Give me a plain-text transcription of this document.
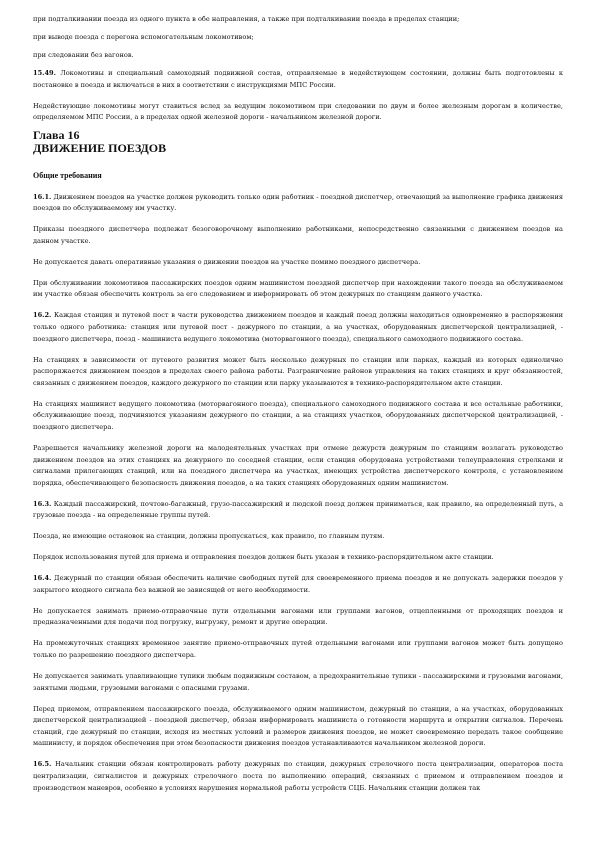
при подталкивании поезда из одного пункта в обе направления, а также при подталкивании поезда в пределах станции;

при выводе поезда с перегона вспомогательным локомотивом;

при следовании без вагонов.

15.49. Локомотивы и специальный самоходный подвижной состав, отправляемые в недействующем состоянии, должны быть подготовлены к постановке в поезда и включаться в них в соответствии с инструкциями МПС России.

Недействующие локомотивы могут ставиться вслед за ведущим локомотивом при следовании по двум и более железным дорогам в количестве, определяемом МПС России, а в пределах одной железной дороги - начальником железной дороги.

Глава 16
ДВИЖЕНИЕ ПОЕЗДОВ
Общие требования

16.1. Движением поездов на участке должен руководить только один работник - поездной диспетчер, отвечающий за выполнение графика движения поездов по обслуживаемому им участку.

Приказы поездного диспетчера подлежат безоговорочному выполнению работниками, непосредственно связанными с движением поездов на данном участке.

Не допускается давать оперативные указания о движении поездов на участке помимо поездного диспетчера.

При обслуживании локомотивов пассажирских поездов одним машинистом поездной диспетчер при нахождении такого поезда на обслуживаемом им участке обязан обеспечить контроль за его следованием и информировать об этом дежурных по станциям данного участка.

16.2. Каждая станция и путевой пост в части руководства движением поездов и каждый поезд должны находиться одновременно в распоряжении только одного работника: станция или путевой пост - дежурного по станции, а на участках, оборудованных диспетчерской централизацией, - поездного диспетчера, поезд - машиниста ведущего локомотива (моторвагонного поезда), специального самоходного подвижного состава.

На станциях в зависимости от путевого развития может быть несколько дежурных по станции или парках, каждый из которых единолично распоряжается движением поездов в пределах своего района работы. Разграничение районов управления на таких станциях и круг обязанностей, связанных с движением поездов, каждого дежурного по станции или парку указываются в технико-распорядительном акте станции.

На станциях машинист ведущего локомотива (моторвагонного поезда), специального самоходного подвижного состава и все остальные работники, обслуживающие поезд, подчиняются указаниям дежурного по станции, а на станциях участков, оборудованных диспетчерской централизацией, - поездного диспетчера.

Разрешается начальнику железной дороги на малодеятельных участках при отмене дежурств дежурным по станциям возлагать руководство движением поездов на этих станциях на дежурного по соседней станции, если станция оборудована устройствами телеуправления стрелками и сигналами прилегающих станций, или на поездного диспетчера на участках, имеющих устройства диспетчерского контроля, с установлением порядка, обеспечивающего безопасность движения поездов, а на таких станциях оборудованных одним машинистом.

16.3. Каждый пассажирский, почтово-багажный, грузо-пассажирский и людской поезд должен приниматься, как правило, на определенный путь, а грузовые поезда - на определенные группы путей.

Поезда, не имеющие остановок на станции, должны пропускаться, как правило, по главным путям.

Порядок использования путей для приема и отправления поездов должен быть указан в технико-распорядительном акте станции.

16.4. Дежурный по станции обязан обеспечить наличие свободных путей для своевременного приема поездов и не допускать задержки поездов у закрытого входного сигнала без важной не зависящей от него необходимости.

Не допускается занимать приемо-отправочные пути отдельными вагонами или группами вагонов, отцепленными от проходящих поездов и предназначенными для подачи под погрузку, выгрузку, ремонт и другие операции.

На промежуточных станциях временное занятие приемо-отправочных путей отдельными вагонами или группами вагонов может быть допущено только по разрешению поездного диспетчера.

Не допускается занимать улавливающие тупики любым подвижным составом, а предохранительные тупики - пассажирскими и грузовыми вагонами, занятыми людьми, грузовыми вагонами с опасными грузами.

Перед приемом, отправлением пассажирского поезда, обслуживаемого одним машинистом, дежурный по станции, а на участках, оборудованных диспетчерской централизацией - поездной диспетчер, обязан информировать машиниста о готовности маршрута и открытии сигналов. Перечень станций, где дежурный по станции, исходя из местных условий и размеров движения поездов, не может своевременно передать такое сообщение машинисту, и порядок обеспечения при этом безопасности движения поездов устанавливаются начальником железной дороги.

16.5. Начальник станции обязан контролировать работу дежурных по станции, дежурных стрелочного поста централизации, операторов поста централизации, сигналистов и дежурных стрелочного поста по выполнению операций, связанных с приемом и отправлением поездов и производством маневров, особенно в условиях нарушения нормальной работы устройств СЦБ. Начальник станции должен так
